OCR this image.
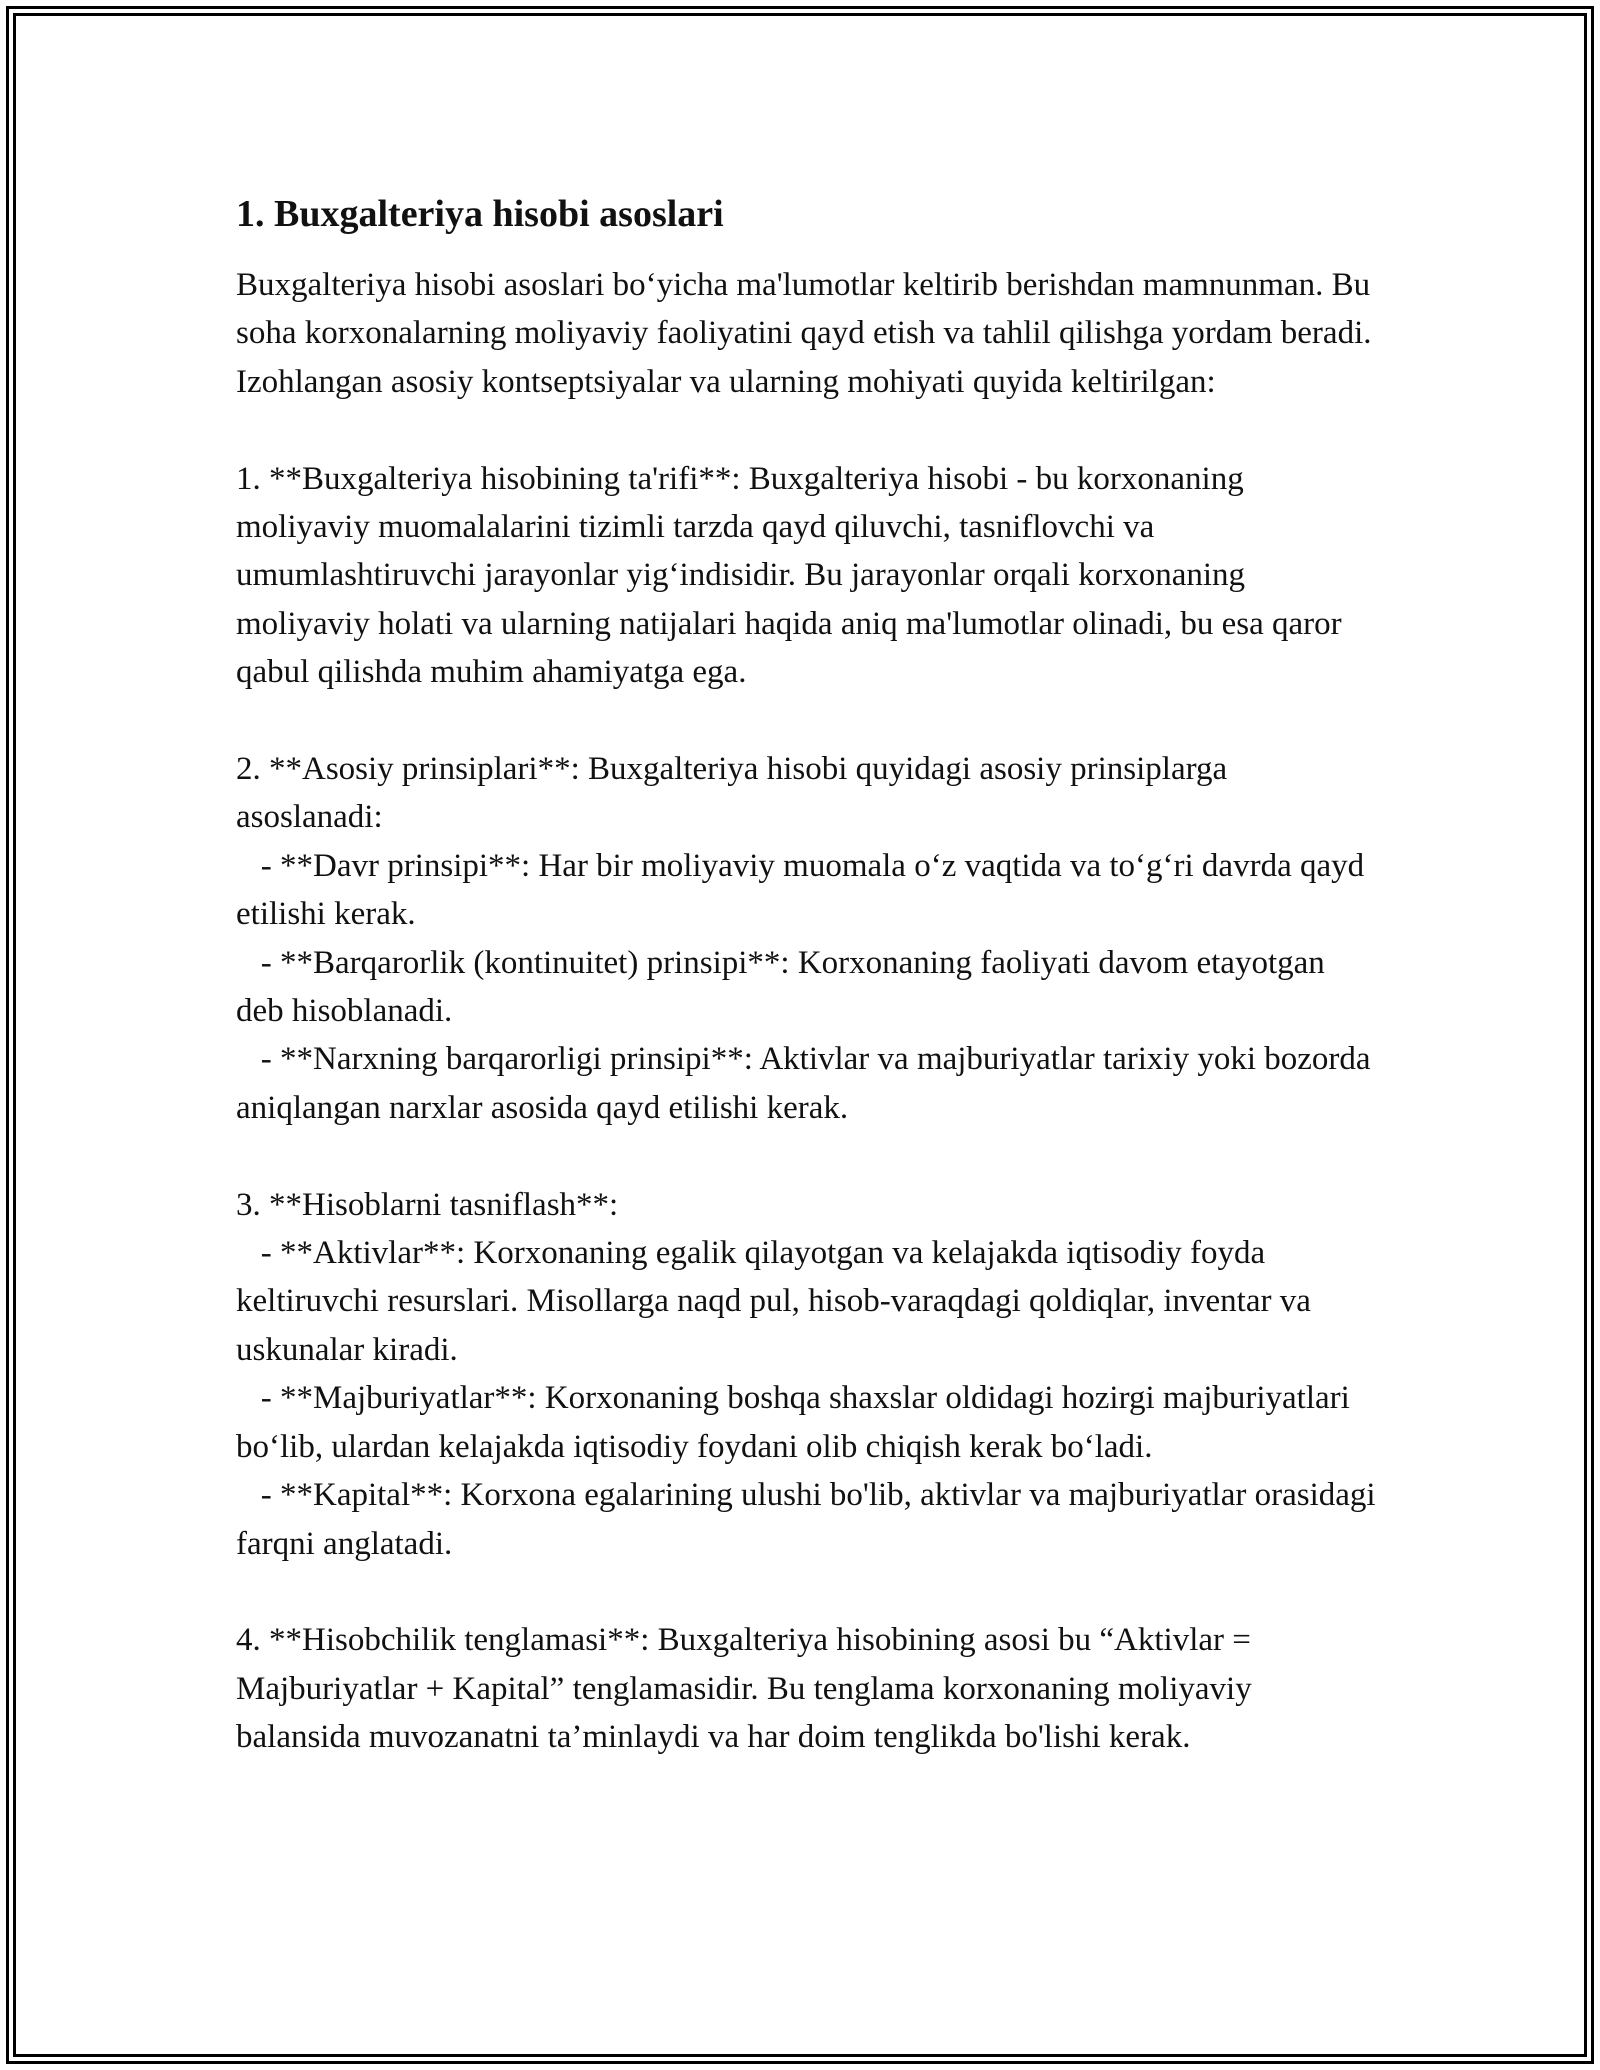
1. Buxgalteriya hisobi asoslari

Buxgalteriya hisobi asoslari bo‘yicha ma'lumotlar keltirib berishdan mamnunman. Bu soha korxonalarning moliyaviy faoliyatini qayd etish va tahlil qilishga yordam beradi. Izohlangan asosiy kontseptsiyalar va ularning mohiyati quyida keltirilgan:

1. **Buxgalteriya hisobining ta'rifi**: Buxgalteriya hisobi - bu korxonaning moliyaviy muomalalarini tizimli tarzda qayd qiluvchi, tasniflovchi va umumlashtiruvchi jarayonlar yig‘indisidir. Bu jarayonlar orqali korxonaning moliyaviy holati va ularning natijalari haqida aniq ma'lumotlar olinadi, bu esa qaror qabul qilishda muhim ahamiyatga ega.

2. **Asosiy prinsiplari**: Buxgalteriya hisobi quyidagi asosiy prinsiplarga asoslanadi:

- **Davr prinsipi**: Har bir moliyaviy muomala o‘z vaqtida va to‘g‘ri davrda qayd etilishi kerak.

- **Barqarorlik (kontinuitet) prinsipi**: Korxonaning faoliyati davom etayotgan deb hisoblanadi.

- **Narxning barqarorligi prinsipi**: Aktivlar va majburiyatlar tarixiy yoki bozorda aniqlangan narxlar asosida qayd etilishi kerak.

3. **Hisoblarni tasniflash**:

- **Aktivlar**: Korxonaning egalik qilayotgan va kelajakda iqtisodiy foyda keltiruvchi resurslari. Misollarga naqd pul, hisob-varaqdagi qoldiqlar, inventar va uskunalar kiradi.

- **Majburiyatlar**: Korxonaning boshqa shaxslar oldidagi hozirgi majburiyatlari bo‘lib, ulardan kelajakda iqtisodiy foydani olib chiqish kerak bo‘ladi.

- **Kapital**: Korxona egalarining ulushi bo'lib, aktivlar va majburiyatlar orasidagi farqni anglatadi.

4. **Hisobchilik tenglamasi**: Buxgalteriya hisobining asosi bu “Aktivlar = Majburiyatlar + Kapital” tenglamasidir. Bu tenglama korxonaning moliyaviy balansida muvozanatni ta’minlaydi va har doim tenglikda bo'lishi kerak.
